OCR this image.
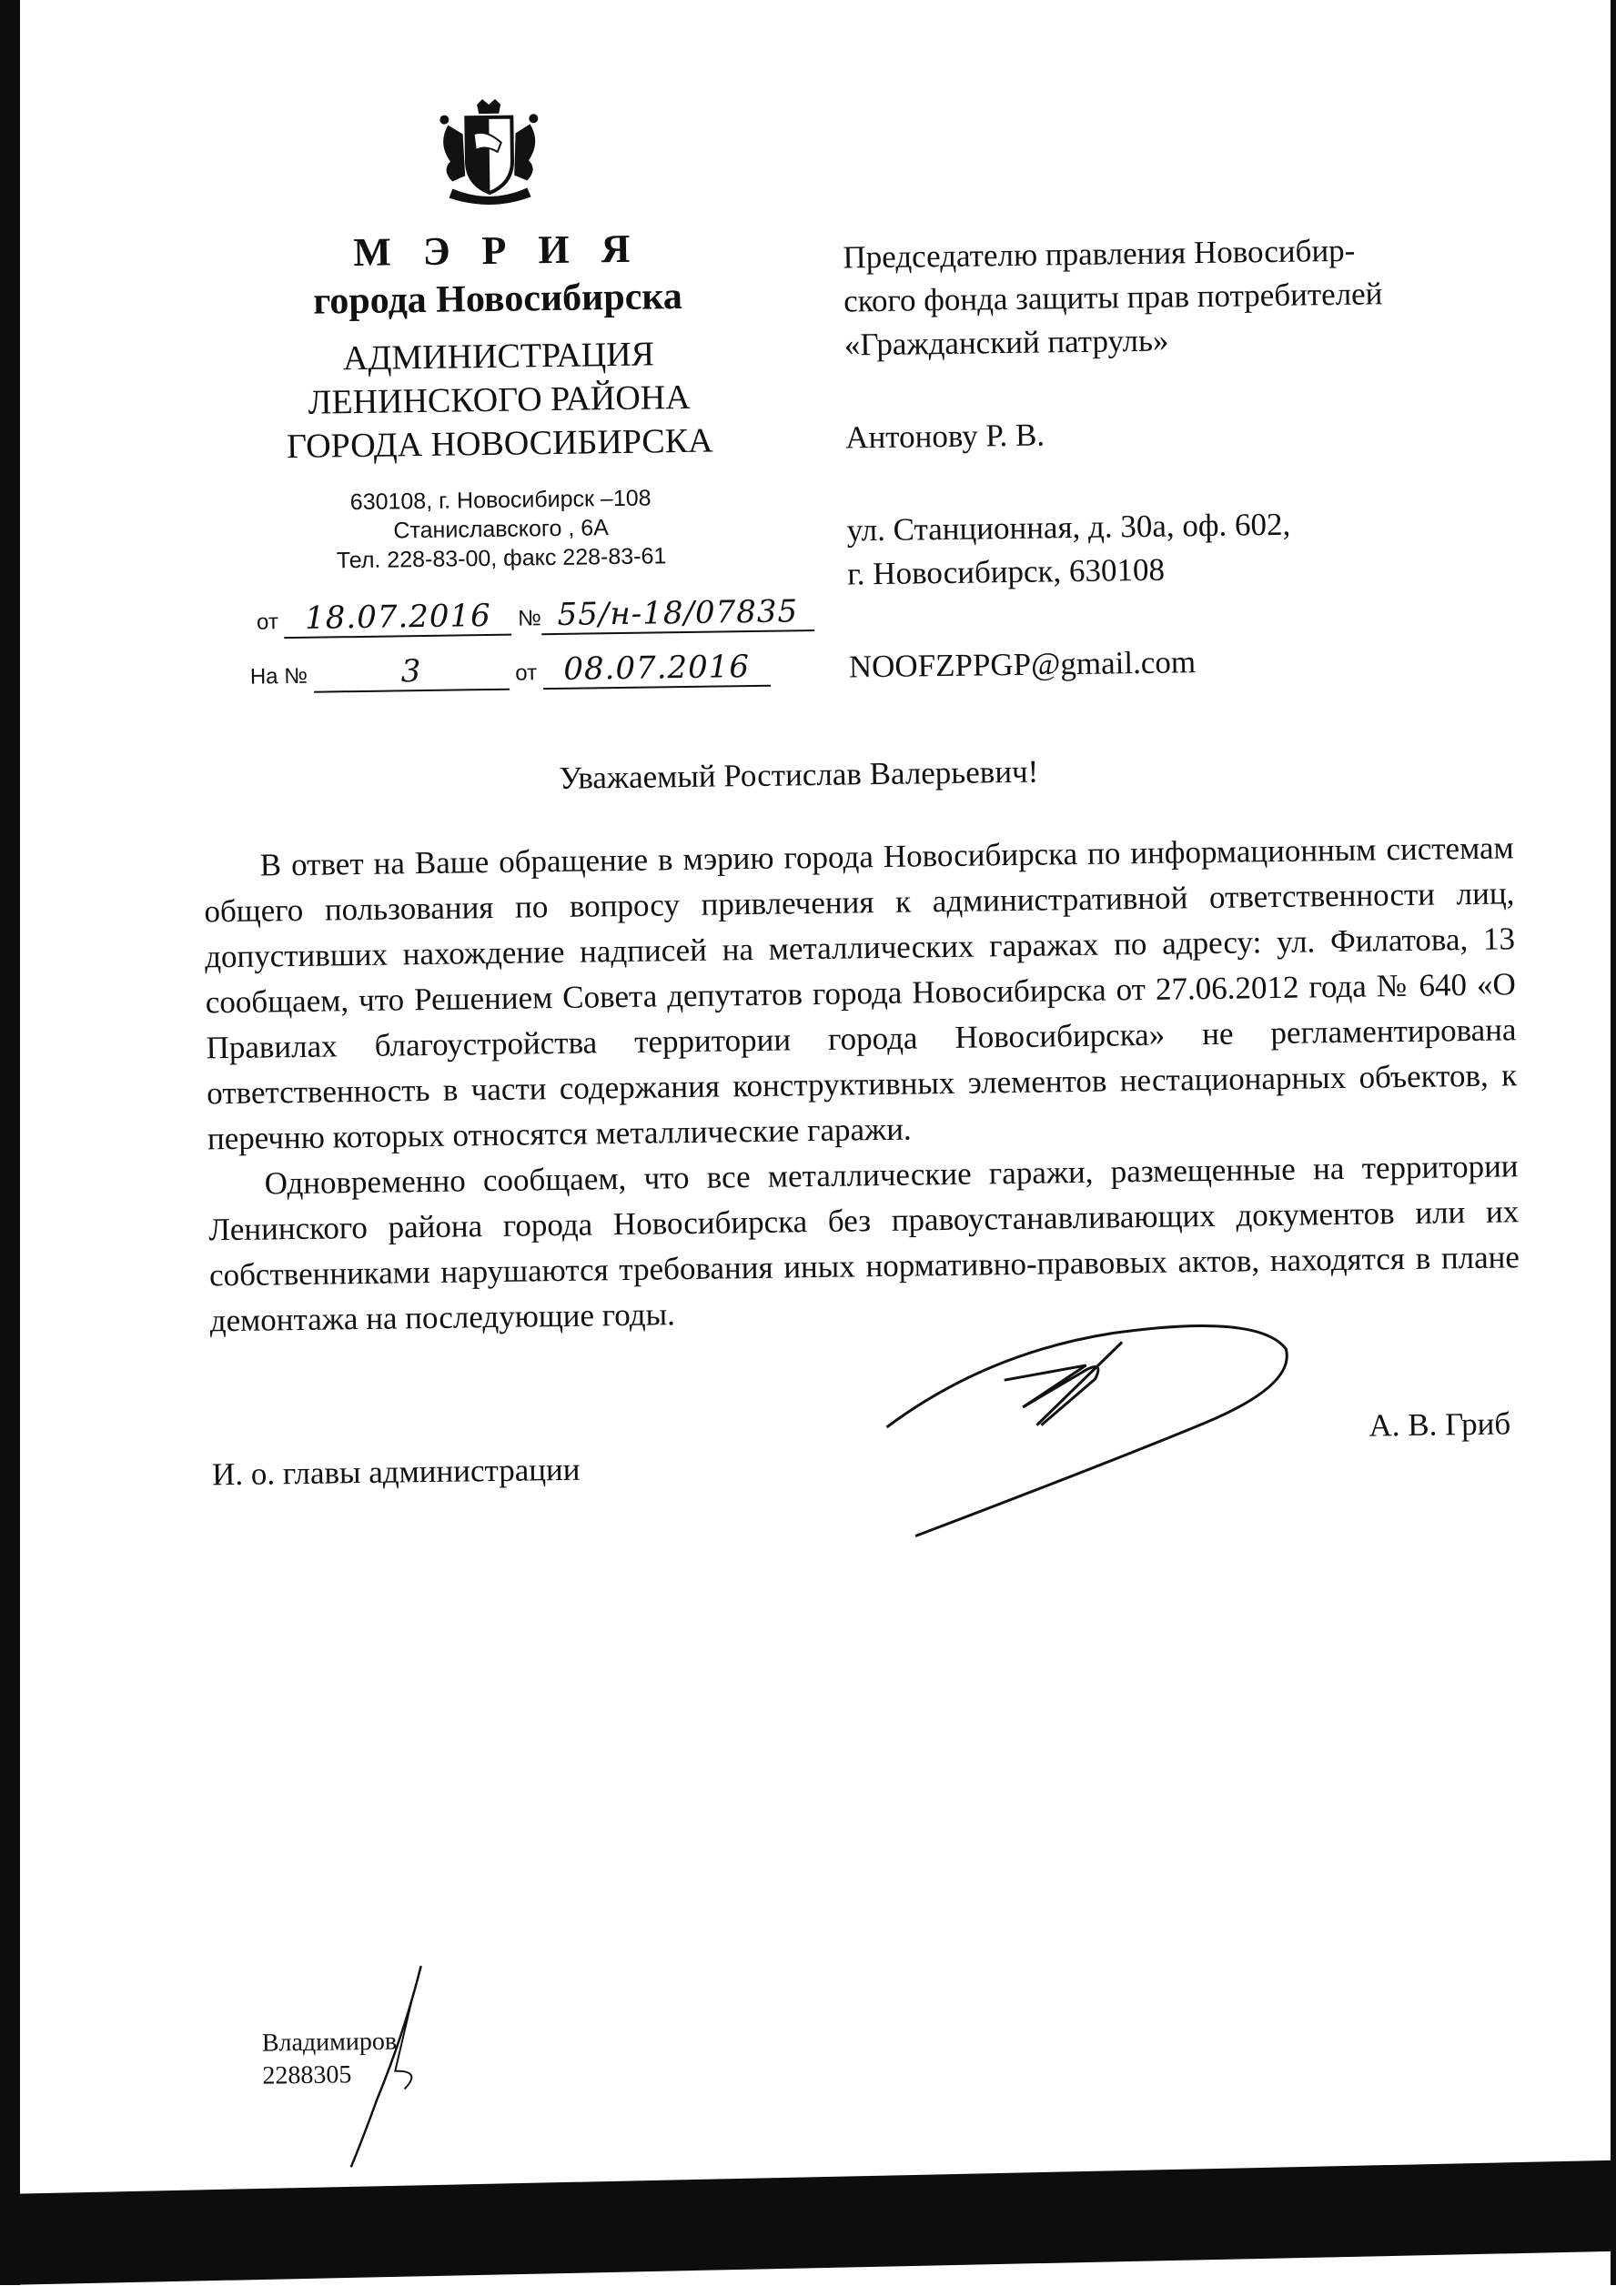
М Э Р И Я
города Новосибирска
АДМИНИСТРАЦИЯ
ЛЕНИНСКОГО РАЙОНА
ГОРОДА НОВОСИБИРСКА
630108, г. Новосибирск –108
Станиславского , 6А
Тел. 228-83-00, факс 228-83-61
от 18.07.2016 № 55/н-18/07835
На №	3	от 08.07.2016

Председателю правления Новосибир-

ского фонда защиты прав потребителей

«Гражданский патруль»

Антонову Р. В.

ул. Станционная, д. 30а, оф. 602,

г. Новосибирск, 630108

NOOFZPPGP@gmail.com

Уважаемый Ростислав Валерьевич!

В ответ на Ваше обращение в мэрию города Новосибирска по информационным системам общего пользования по вопросу привлечения к административной ответственности лиц, допустивших нахождение надписей на металлических гаражах по адресу: ул. Филатова, 13 сообщаем, что Решением Совета депутатов города Новосибирска от 27.06.2012 года № 640 «О Правилах благоустройства территории города Новосибирска» не регламентирована ответственность в части содержания конструктивных элементов нестационарных объектов, к перечню которых относятся металлические гаражи.

Одновременно сообщаем, что все металлические гаражи, размещенные на территории Ленинского района города Новосибирска без правоустанавливающих документов или их собственниками нарушаются требования иных нормативно-правовых актов, находятся в плане демонтажа на последующие годы.

И. о. главы администрации
А. В. Гриб
Владимиров
2288305
